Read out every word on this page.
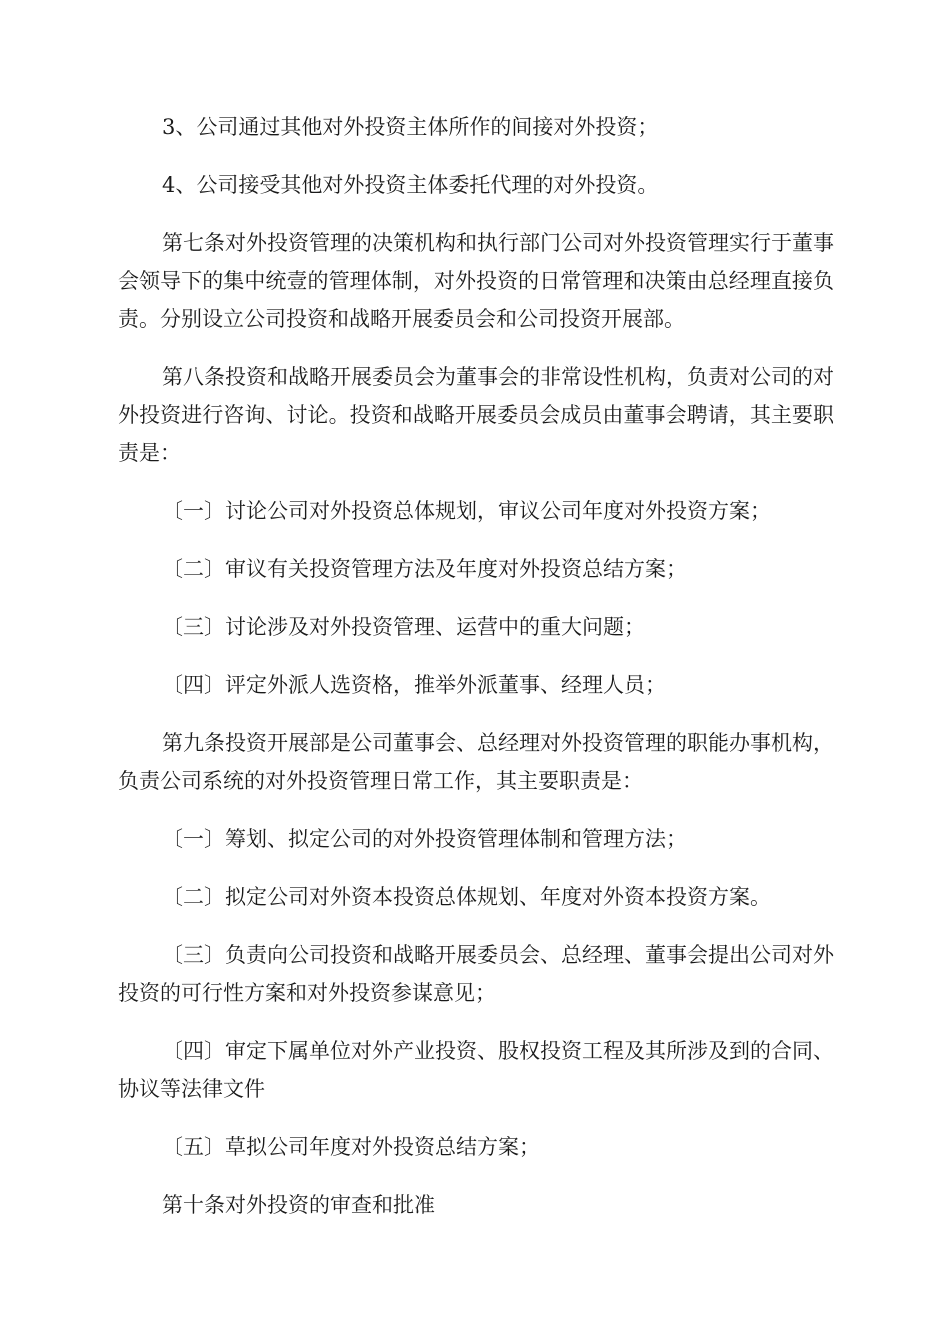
3、公司通过其他对外投资主体所作的间接对外投资；

4、公司接受其他对外投资主体委托代理的对外投资。

第七条对外投资管理的决策机构和执行部门公司对外投资管理实行于董事会领导下的集中统壹的管理体制，对外投资的日常管理和决策由总经理直接负责。分别设立公司投资和战略开展委员会和公司投资开展部。

第八条投资和战略开展委员会为董事会的非常设性机构，负责对公司的对外投资进行咨询、讨论。投资和战略开展委员会成员由董事会聘请，其主要职责是：

〔一〕讨论公司对外投资总体规划，审议公司年度对外投资方案；

〔二〕审议有关投资管理方法及年度对外投资总结方案；

〔三〕讨论涉及对外投资管理、运营中的重大问题；

〔四〕评定外派人选资格，推举外派董事、经理人员；

第九条投资开展部是公司董事会、总经理对外投资管理的职能办事机构，负责公司系统的对外投资管理日常工作，其主要职责是：

〔一〕筹划、拟定公司的对外投资管理体制和管理方法；

〔二〕拟定公司对外资本投资总体规划、年度对外资本投资方案。

〔三〕负责向公司投资和战略开展委员会、总经理、董事会提出公司对外投资的可行性方案和对外投资参谋意见；

〔四〕审定下属单位对外产业投资、股权投资工程及其所涉及到的合同、协议等法律文件

〔五〕草拟公司年度对外投资总结方案；

第十条对外投资的审查和批准
